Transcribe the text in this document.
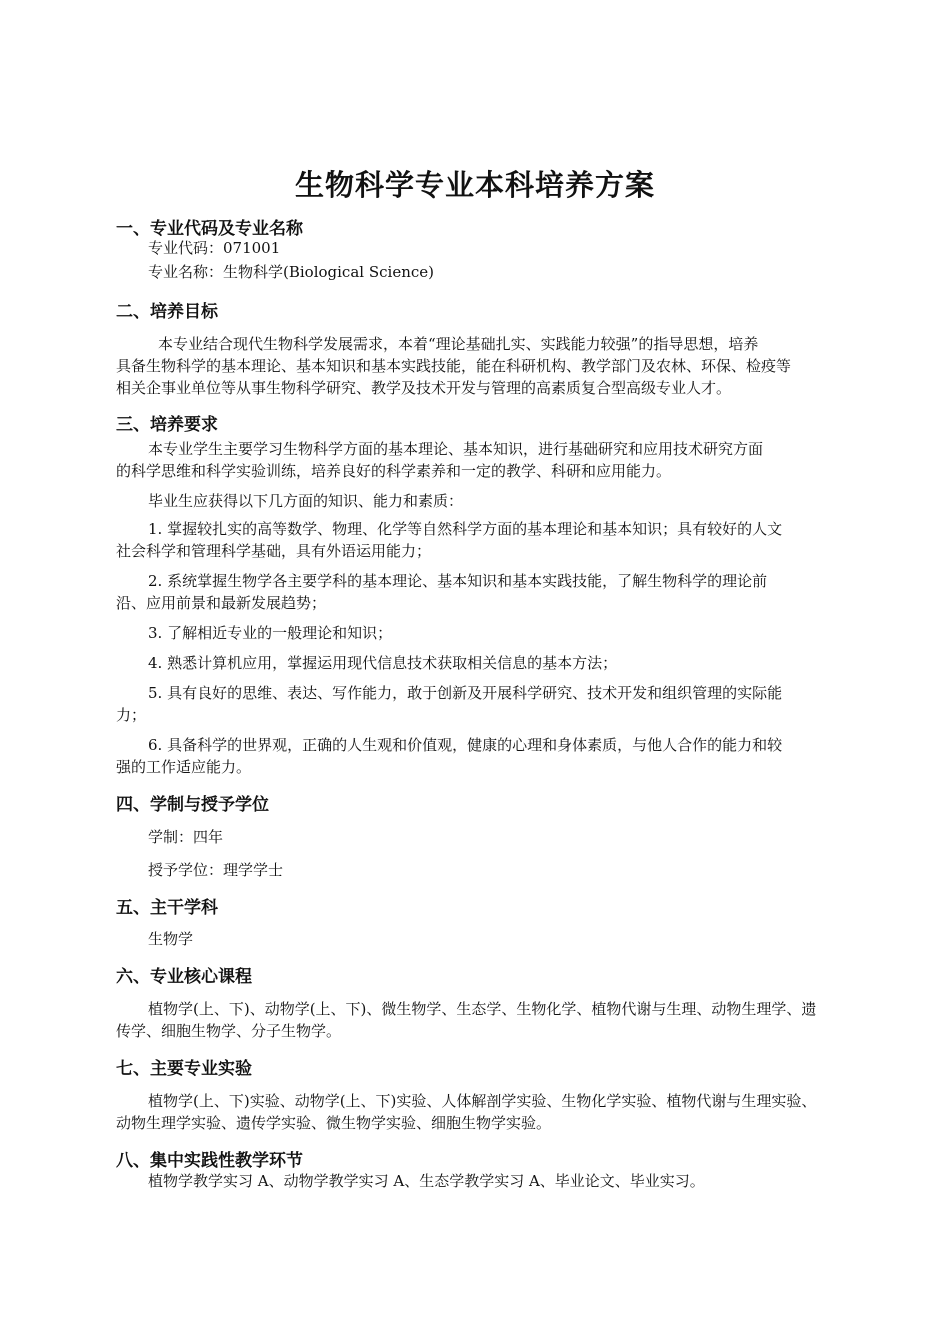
生物科学专业本科培养方案
一、专业代码及专业名称
专业代码：071001
专业名称：生物科学(Biological Science)
二、培养目标
本专业结合现代生物科学发展需求，本着“理论基础扎实、实践能力较强”的指导思想，培养
具备生物科学的基本理论、基本知识和基本实践技能，能在科研机构、教学部门及农林、环保、检疫等
相关企事业单位等从事生物科学研究、教学及技术开发与管理的高素质复合型高级专业人才。
三、培养要求
本专业学生主要学习生物科学方面的基本理论、基本知识，进行基础研究和应用技术研究方面
的科学思维和科学实验训练，培养良好的科学素养和一定的教学、科研和应用能力。
毕业生应获得以下几方面的知识、能力和素质：
1. 掌握较扎实的高等数学、物理、化学等自然科学方面的基本理论和基本知识；具有较好的人文
社会科学和管理科学基础，具有外语运用能力；
2. 系统掌握生物学各主要学科的基本理论、基本知识和基本实践技能，了解生物科学的理论前
沿、应用前景和最新发展趋势；
3. 了解相近专业的一般理论和知识；
4. 熟悉计算机应用，掌握运用现代信息技术获取相关信息的基本方法；
5. 具有良好的思维、表达、写作能力，敢于创新及开展科学研究、技术开发和组织管理的实际能
力；
6. 具备科学的世界观，正确的人生观和价值观，健康的心理和身体素质，与他人合作的能力和较
强的工作适应能力。
四、学制与授予学位
学制：四年
授予学位：理学学士
五、主干学科
生物学
六、专业核心课程
植物学(上、下)、动物学(上、下)、微生物学、生态学、生物化学、植物代谢与生理、动物生理学、遗
传学、细胞生物学、分子生物学。
七、主要专业实验
植物学(上、下)实验、动物学(上、下)实验、人体解剖学实验、生物化学实验、植物代谢与生理实验、
动物生理学实验、遗传学实验、微生物学实验、细胞生物学实验。
八、集中实践性教学环节
植物学教学实习 A、动物学教学实习 A、生态学教学实习 A、毕业论文、毕业实习。
